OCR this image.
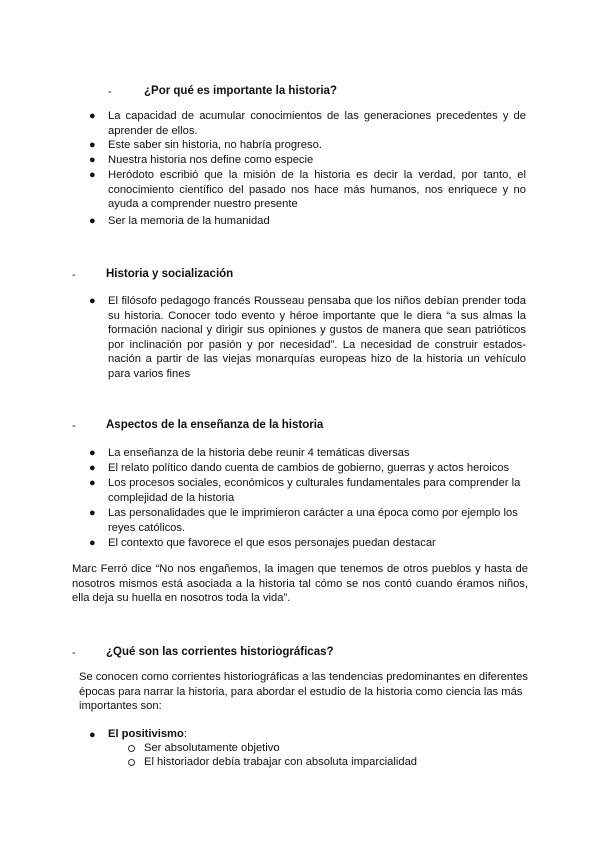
-	¿Por qué es importante la historia?
● La capacidad de acumular conocimientos de las generaciones precedentes y de aprender de ellos.
● Este saber sin historia, no habría progreso.
● Nuestra historia nos define como especie
● Heródoto escribió que la misión de la historia es decir la verdad, por tanto, el conocimiento científico del pasado nos hace más humanos, nos enriquece y no ayuda a comprender nuestro presente
● Ser la memoria de la humanidad
-	Historia y socialización
● El filósofo pedagogo francés Rousseau pensaba que los niños debían prender toda su historia. Conocer todo evento y héroe importante que le diera “a sus almas la formación nacional y dirigir sus opiniones y gustos de manera que sean patrióticos por inclinación por pasión y por necesidad”. La necesidad de construir estados-nación a partir de las viejas monarquías europeas hizo de la historia un vehículo para varios fines
-	Aspectos de la enseñanza de la historia
● La enseñanza de la historia debe reunir 4 temáticas diversas
● El relato político dando cuenta de cambios de gobierno, guerras y actos heroicos
● Los procesos sociales, económicos y culturales fundamentales para comprender la complejidad de la historia
● Las personalidades que le imprimieron carácter a una época como por ejemplo los reyes católicos.
● El contexto que favorece el que esos personajes puedan destacar
Marc Ferró dice “No nos engañemos, la imagen que tenemos de otros pueblos y hasta de nosotros mismos está asociada a la historia tal cómo se nos contó cuando éramos niños, ella deja su huella en nosotros toda la vida”.
-	¿Qué son las corrientes historiográficas?
Se conocen como corrientes historiográficas a las tendencias predominantes en diferentes épocas para narrar la historia, para abordar el estudio de la historia como ciencia las más importantes son:
● El positivismo:
Ser absolutamente objetivo
El historiador debía trabajar con absoluta imparcialidad
